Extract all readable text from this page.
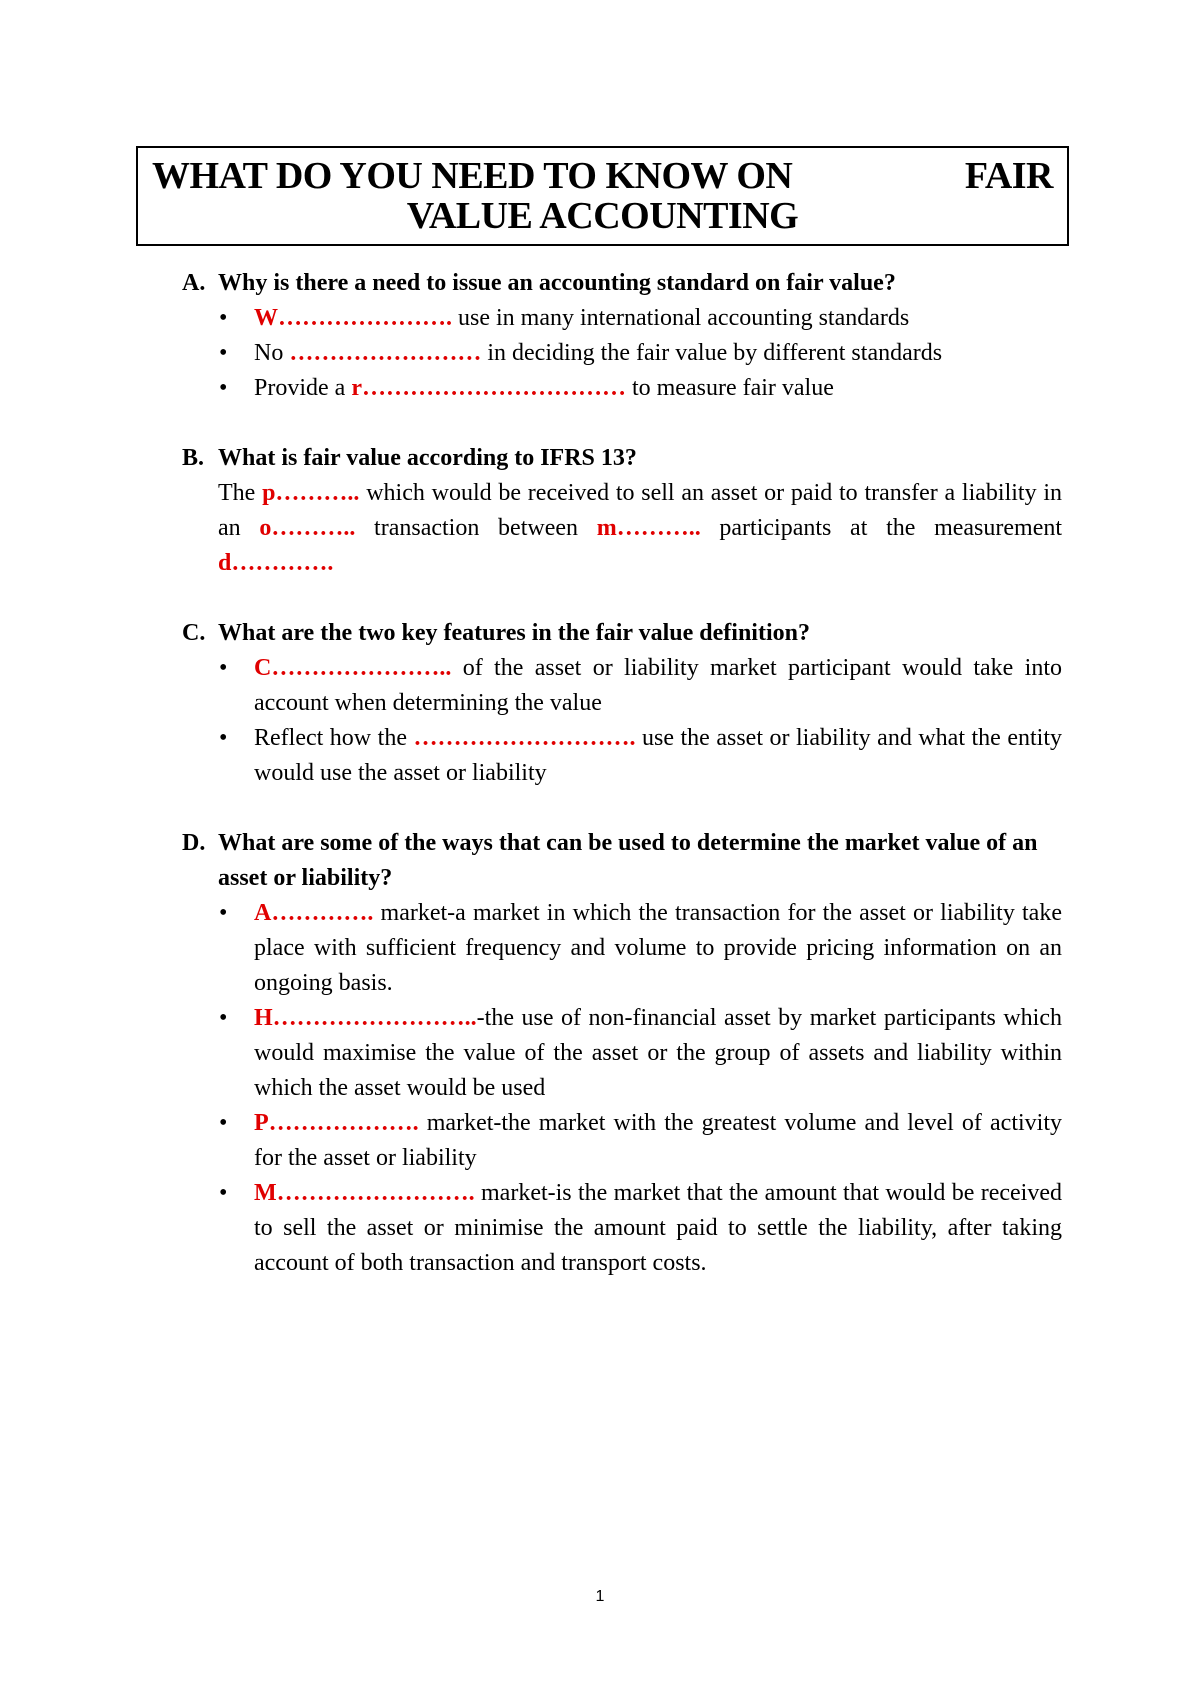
WHAT DO YOU NEED TO KNOW ON	FAIR
VALUE ACCOUNTING
A. Why is there a need to issue an accounting standard on fair value?
• W…………………. use in many international accounting standards
• No …………………… in deciding the fair value by different standards
• Provide a r…………………………… to measure fair value
B. What is fair value according to IFRS 13?
The p……….. which would be received to sell an asset or paid to transfer a liability in an o……….. transaction between m……….. participants at the measurement d………….
C. What are the two key features in the fair value definition?
• C………………….. of the asset or liability market participant would take into account when determining the value
• Reflect how the ………………………. use the asset or liability and what the entity would use the asset or liability
D. What are some of the ways that can be used to determine the market value of an asset or liability?
• A…………. market-a market in which the transaction for the asset or liability take place with sufficient frequency and volume to provide pricing information on an ongoing basis.
• H……………………..-the use of non-financial asset by market participants which would maximise the value of the asset or the group of assets and liability within which the asset would be used
• P………………. market-the market with the greatest volume and level of activity for the asset or liability
• M……………………. market-is the market that the amount that would be received to sell the asset or minimise the amount paid to settle the liability, after taking account of both transaction and transport costs.
1
